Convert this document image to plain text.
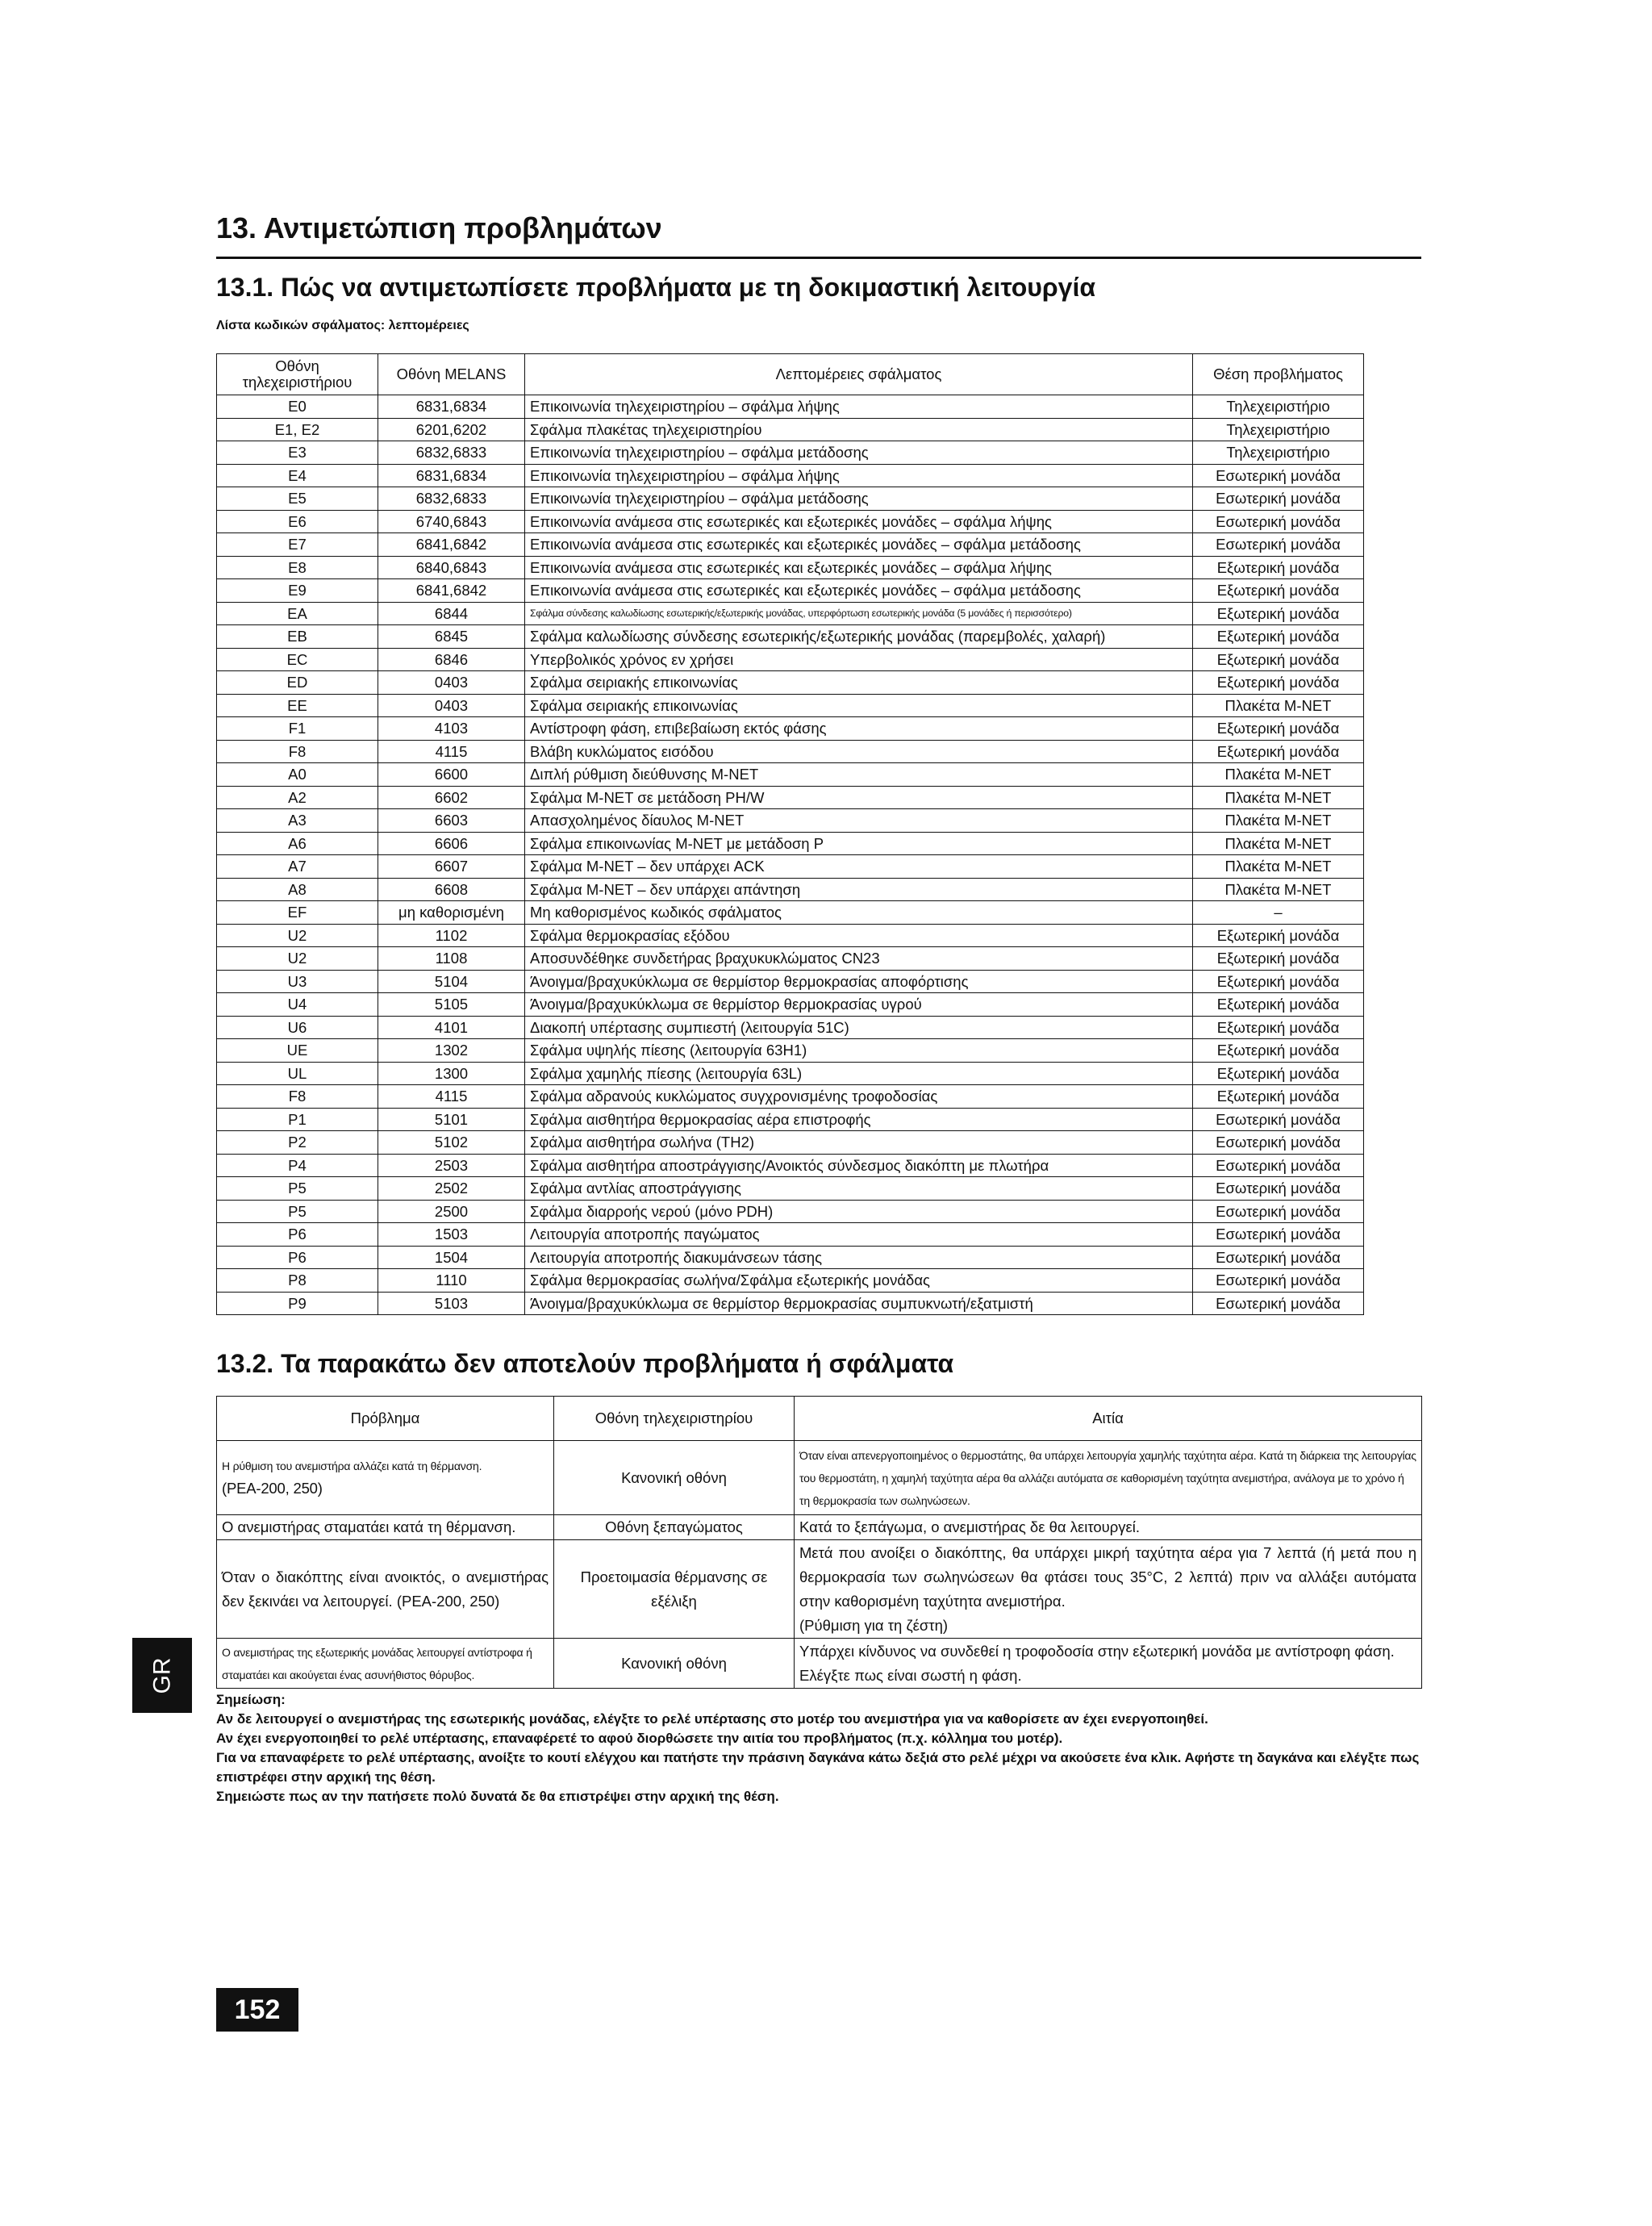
13. Αντιμετώπιση προβλημάτων
13.1. Πώς να αντιμετωπίσετε προβλήματα με τη δοκιμαστική λειτουργία
Λίστα κωδικών σφάλματος: λεπτομέρειες
Οθόνη τηλεχειριστήριου	Οθόνη MELANS	Λεπτομέρειες σφάλματος	Θέση προβλήματος
E0	6831,6834	Επικοινωνία τηλεχειριστηρίου – σφάλμα λήψης	Τηλεχειριστήριο
E1, E2	6201,6202	Σφάλμα πλακέτας τηλεχειριστηρίου	Τηλεχειριστήριο
E3	6832,6833	Επικοινωνία τηλεχειριστηρίου – σφάλμα μετάδοσης	Τηλεχειριστήριο
E4	6831,6834	Επικοινωνία τηλεχειριστηρίου – σφάλμα λήψης	Εσωτερική μονάδα
E5	6832,6833	Επικοινωνία τηλεχειριστηρίου – σφάλμα μετάδοσης	Εσωτερική μονάδα
E6	6740,6843	Επικοινωνία ανάμεσα στις εσωτερικές και εξωτερικές μονάδες – σφάλμα λήψης	Εσωτερική μονάδα
E7	6841,6842	Επικοινωνία ανάμεσα στις εσωτερικές και εξωτερικές μονάδες – σφάλμα μετάδοσης	Εσωτερική μονάδα
E8	6840,6843	Επικοινωνία ανάμεσα στις εσωτερικές και εξωτερικές μονάδες – σφάλμα λήψης	Εξωτερική μονάδα
E9	6841,6842	Επικοινωνία ανάμεσα στις εσωτερικές και εξωτερικές μονάδες – σφάλμα μετάδοσης	Εξωτερική μονάδα
EA	6844	Σφάλμα σύνδεσης καλωδίωσης εσωτερικής/εξωτερικής μονάδας, υπερφόρτωση εσωτερικής μονάδα (5 μονάδες ή περισσότερο)	Εξωτερική μονάδα
EB	6845	Σφάλμα καλωδίωσης σύνδεσης εσωτερικής/εξωτερικής μονάδας (παρεμβολές, χαλαρή)	Εξωτερική μονάδα
EC	6846	Υπερβολικός χρόνος εν χρήσει	Εξωτερική μονάδα
ED	0403	Σφάλμα σειριακής επικοινωνίας	Εξωτερική μονάδα
EE	0403	Σφάλμα σειριακής επικοινωνίας	Πλακέτα M-NET
F1	4103	Αντίστροφη φάση, επιβεβαίωση εκτός φάσης	Εξωτερική μονάδα
F8	4115	Βλάβη κυκλώματος εισόδου	Εξωτερική μονάδα
A0	6600	Διπλή ρύθμιση διεύθυνσης M-NET	Πλακέτα M-NET
A2	6602	Σφάλμα M-NET σε μετάδοση PH/W	Πλακέτα M-NET
A3	6603	Απασχολημένος δίαυλος M-NET	Πλακέτα M-NET
A6	6606	Σφάλμα επικοινωνίας M-NET με μετάδοση P	Πλακέτα M-NET
A7	6607	Σφάλμα M-NET – δεν υπάρχει ACK	Πλακέτα M-NET
A8	6608	Σφάλμα M-NET – δεν υπάρχει απάντηση	Πλακέτα M-NET
EF	μη καθορισμένη	Μη καθορισμένος κωδικός σφάλματος	–
U2	1102	Σφάλμα θερμοκρασίας εξόδου	Εξωτερική μονάδα
U2	1108	Αποσυνδέθηκε συνδετήρας βραχυκυκλώματος CN23	Εξωτερική μονάδα
U3	5104	Άνοιγμα/βραχυκύκλωμα σε θερμίστορ θερμοκρασίας αποφόρτισης	Εξωτερική μονάδα
U4	5105	Άνοιγμα/βραχυκύκλωμα σε θερμίστορ θερμοκρασίας υγρού	Εξωτερική μονάδα
U6	4101	Διακοπή υπέρτασης συμπιεστή (λειτουργία 51C)	Εξωτερική μονάδα
UE	1302	Σφάλμα υψηλής πίεσης (λειτουργία 63H1)	Εξωτερική μονάδα
UL	1300	Σφάλμα χαμηλής πίεσης (λειτουργία 63L)	Εξωτερική μονάδα
F8	4115	Σφάλμα αδρανούς κυκλώματος συγχρονισμένης τροφοδοσίας	Εξωτερική μονάδα
P1	5101	Σφάλμα αισθητήρα θερμοκρασίας αέρα επιστροφής	Εσωτερική μονάδα
P2	5102	Σφάλμα αισθητήρα σωλήνα (TH2)	Εσωτερική μονάδα
P4	2503	Σφάλμα αισθητήρα αποστράγγισης/Ανοικτός σύνδεσμος διακόπτη με πλωτήρα	Εσωτερική μονάδα
P5	2502	Σφάλμα αντλίας αποστράγγισης	Εσωτερική μονάδα
P5	2500	Σφάλμα διαρροής νερού (μόνο PDH)	Εσωτερική μονάδα
P6	1503	Λειτουργία αποτροπής παγώματος	Εσωτερική μονάδα
P6	1504	Λειτουργία αποτροπής διακυμάνσεων τάσης	Εσωτερική μονάδα
P8	1110	Σφάλμα θερμοκρασίας σωλήνα/Σφάλμα εξωτερικής μονάδας	Εσωτερική μονάδα
P9	5103	Άνοιγμα/βραχυκύκλωμα σε θερμίστορ θερμοκρασίας συμπυκνωτή/εξατμιστή	Εσωτερική μονάδα
13.2. Τα παρακάτω δεν αποτελούν προβλήματα ή σφάλματα
Πρόβλημα	Οθόνη τηλεχειριστηρίου	Αιτία
Η ρύθμιση του ανεμιστήρα αλλάζει κατά τη θέρμανση.
(PEA-200, 250)	Κανονική οθόνη	Όταν είναι απενεργοποιημένος ο θερμοστάτης, θα υπάρχει λειτουργία χαμηλής ταχύτητα αέρα. Κατά τη διάρκεια της λειτουργίας του θερμοστάτη, η χαμηλή ταχύτητα αέρα θα αλλάζει αυτόματα σε καθορισμένη ταχύτητα ανεμιστήρα, ανάλογα με το χρόνο ή τη θερμοκρασία των σωληνώσεων.
Ο ανεμιστήρας σταματάει κατά τη θέρμανση.	Οθόνη ξεπαγώματος	Κατά το ξεπάγωμα, ο ανεμιστήρας δε θα λειτουργεί.
Όταν ο διακόπτης είναι ανοικτός, ο ανεμιστήρας δεν ξεκινάει να λειτουργεί. (PEA-200, 250)	Προετοιμασία θέρμανσης σε εξέλιξη	Μετά που ανοίξει ο διακόπτης, θα υπάρχει μικρή ταχύτητα αέρα για 7 λεπτά (ή μετά που η θερμοκρασία των σωληνώσεων θα φτάσει τους 35°C, 2 λεπτά) πριν να αλλάξει αυτόματα στην καθορισμένη ταχύτητα ανεμιστήρα.
(Ρύθμιση για τη ζέστη)
Ο ανεμιστήρας της εξωτερικής μονάδας λειτουργεί αντίστροφα ή σταματάει και ακούγεται ένας ασυνήθιστος θόρυβος.	Κανονική οθόνη	Υπάρχει κίνδυνος να συνδεθεί η τροφοδοσία στην εξωτερική μονάδα με αντίστροφη φάση. Ελέγξτε πως είναι σωστή η φάση.
GR

Σημείωση:

Αν δε λειτουργεί ο ανεμιστήρας της εσωτερικής μονάδας, ελέγξτε το ρελέ υπέρτασης στο μοτέρ του ανεμιστήρα για να καθορίσετε αν έχει ενεργοποιηθεί.

Αν έχει ενεργοποιηθεί το ρελέ υπέρτασης, επαναφέρετέ το αφού διορθώσετε την αιτία του προβλήματος (π.χ. κόλλημα του μοτέρ).

Για να επαναφέρετε το ρελέ υπέρτασης, ανοίξτε το κουτί ελέγχου και πατήστε την πράσινη δαγκάνα κάτω δεξιά στο ρελέ μέχρι να ακούσετε ένα κλικ. Αφήστε τη δαγκάνα και ελέγξτε πως επιστρέφει στην αρχική της θέση.

Σημειώστε πως αν την πατήσετε πολύ δυνατά δε θα επιστρέψει στην αρχική της θέση.

152
